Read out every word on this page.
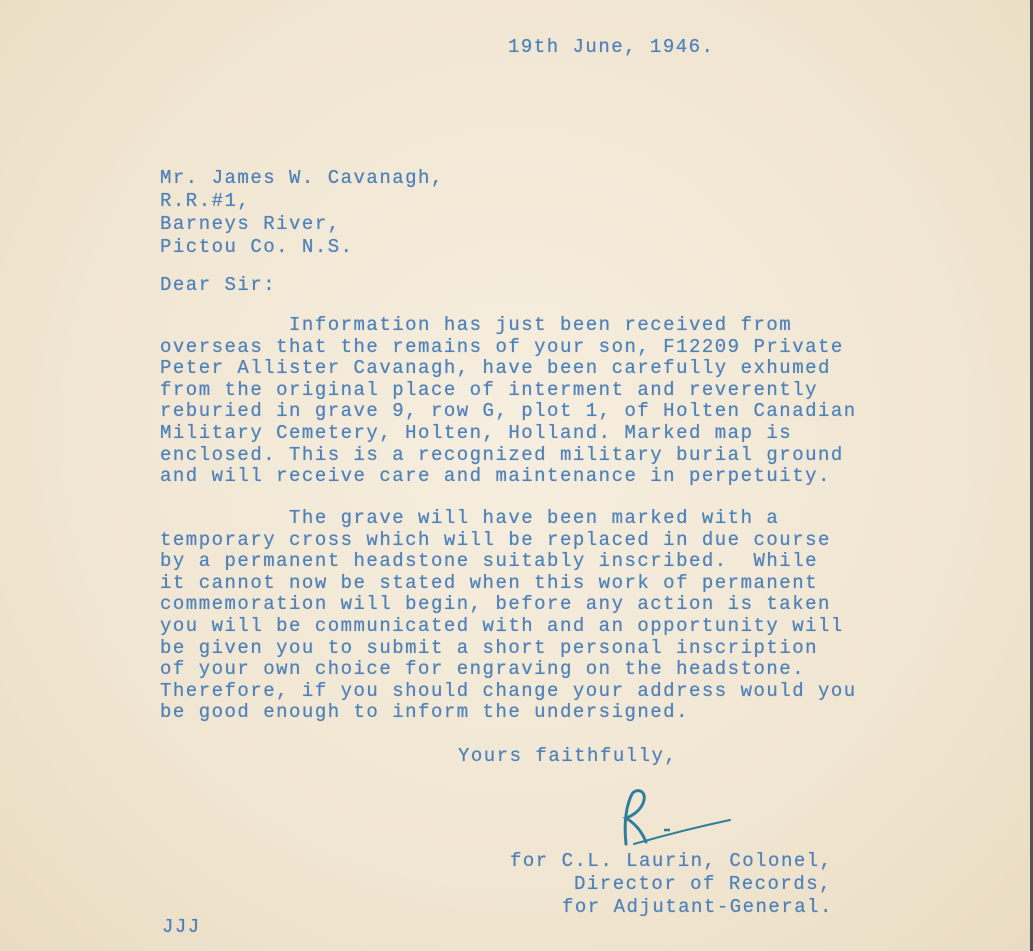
19th June, 1946.
Mr. James W. Cavanagh,
R.R.#1,
Barneys River,
Pictou Co. N.S.
Dear Sir:
Information has just been received from
overseas that the remains of your son, F12209 Private
Peter Allister Cavanagh, have been carefully exhumed
from the original place of interment and reverently
reburied in grave 9, row G, plot 1, of Holten Canadian
Military Cemetery, Holten, Holland. Marked map is
enclosed. This is a recognized military burial ground
and will receive care and maintenance in perpetuity.
The grave will have been marked with a
temporary cross which will be replaced in due course
by a permanent headstone suitably inscribed.  While
it cannot now be stated when this work of permanent
commemoration will begin, before any action is taken
you will be communicated with and an opportunity will
be given you to submit a short personal inscription
of your own choice for engraving on the headstone.
Therefore, if you should change your address would you
be good enough to inform the undersigned.
Yours faithfully,
for C.L. Laurin, Colonel,
Director of Records,
for Adjutant-General.
JJJ
